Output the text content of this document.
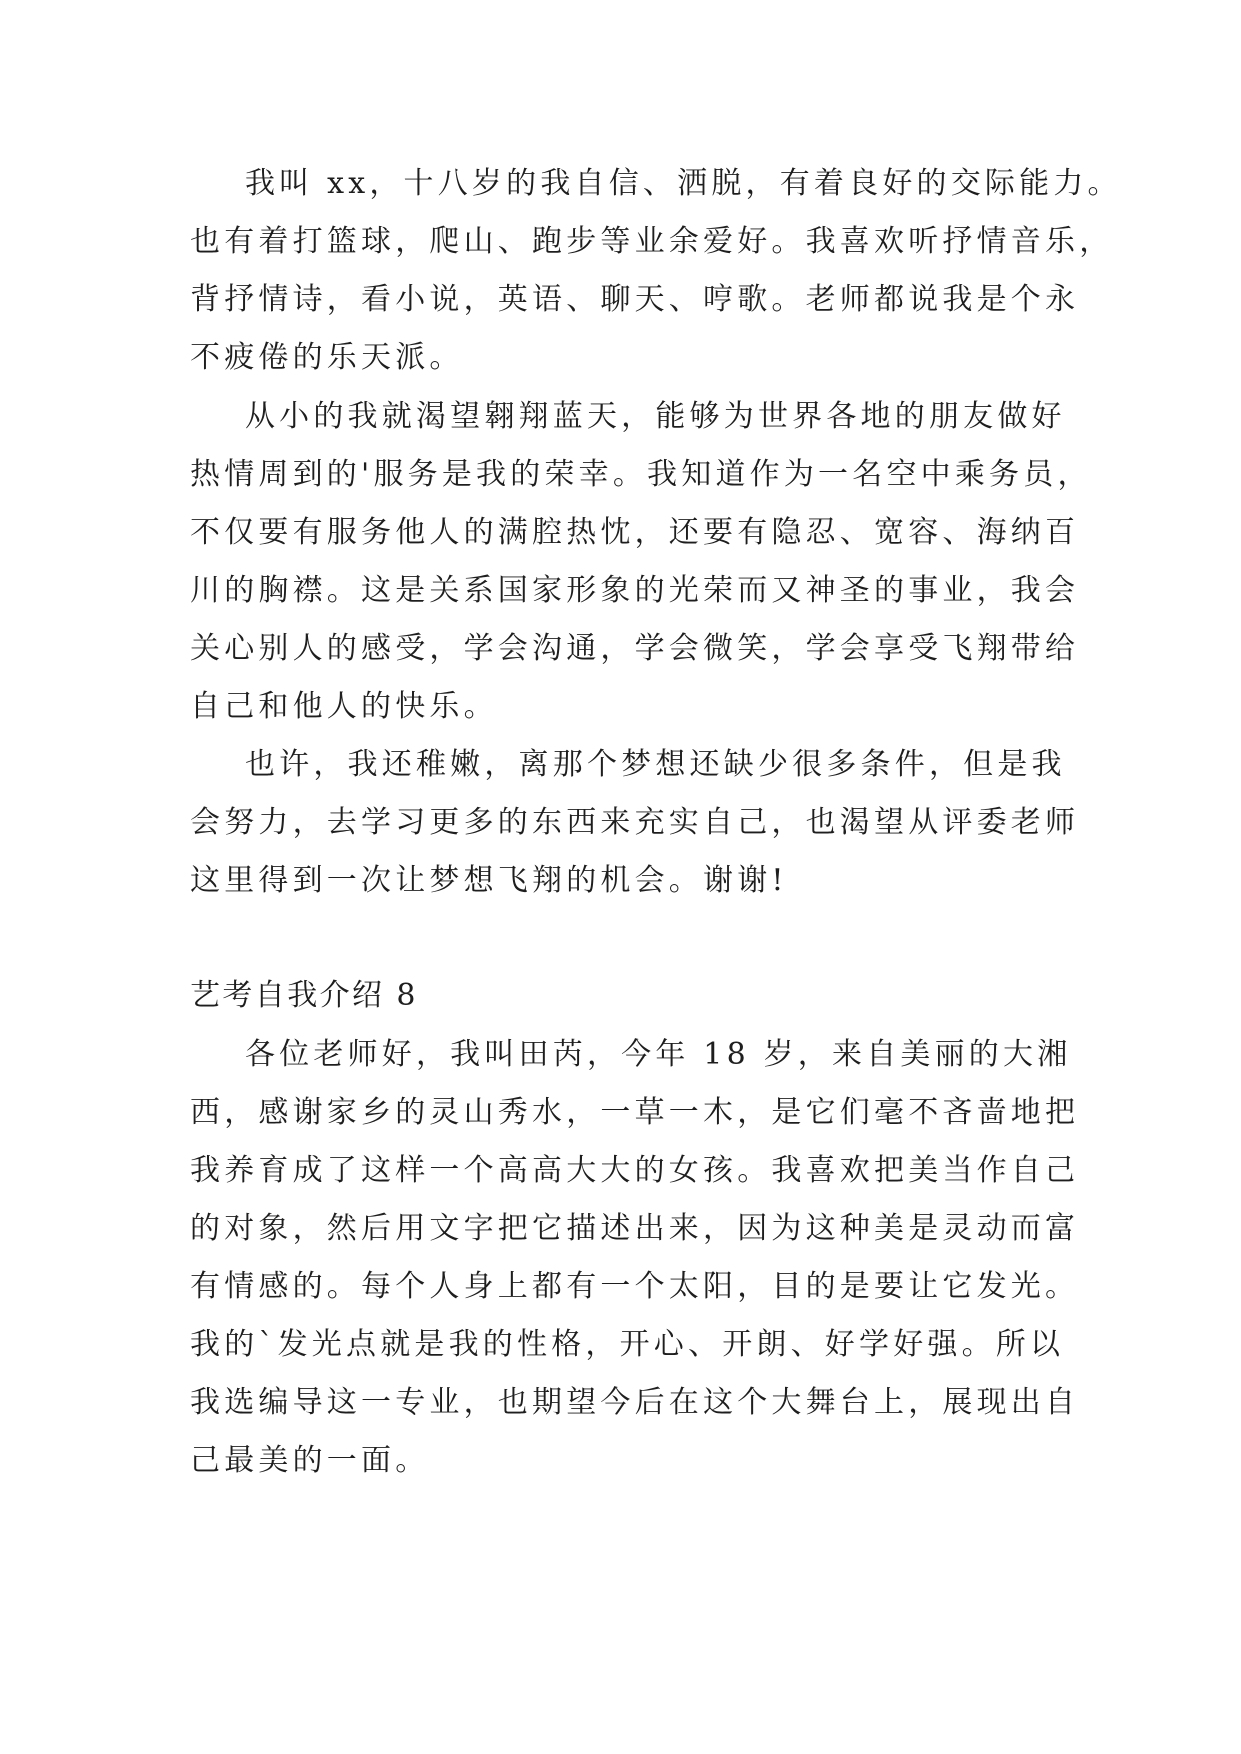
我叫 xx，十八岁的我自信、洒脱，有着良好的交际能力。

也有着打篮球，爬山、跑步等业余爱好。我喜欢听抒情音乐，

背抒情诗，看小说，英语、聊天、哼歌。老师都说我是个永

不疲倦的乐天派。

从小的我就渴望翱翔蓝天，能够为世界各地的朋友做好

热情周到的'服务是我的荣幸。我知道作为一名空中乘务员，

不仅要有服务他人的满腔热忱，还要有隐忍、宽容、海纳百

川的胸襟。这是关系国家形象的光荣而又神圣的事业，我会

关心别人的感受，学会沟通，学会微笑，学会享受飞翔带给

自己和他人的快乐。

也许，我还稚嫩，离那个梦想还缺少很多条件，但是我

会努力，去学习更多的东西来充实自己，也渴望从评委老师

这里得到一次让梦想飞翔的机会。谢谢!

艺考自我介绍 8

各位老师好，我叫田芮，今年 18 岁，来自美丽的大湘

西，感谢家乡的灵山秀水，一草一木，是它们毫不吝啬地把

我养育成了这样一个高高大大的女孩。我喜欢把美当作自己

的对象，然后用文字把它描述出来，因为这种美是灵动而富

有情感的。每个人身上都有一个太阳，目的是要让它发光。

我的`发光点就是我的性格，开心、开朗、好学好强。所以

我选编导这一专业，也期望今后在这个大舞台上，展现出自

己最美的一面。
